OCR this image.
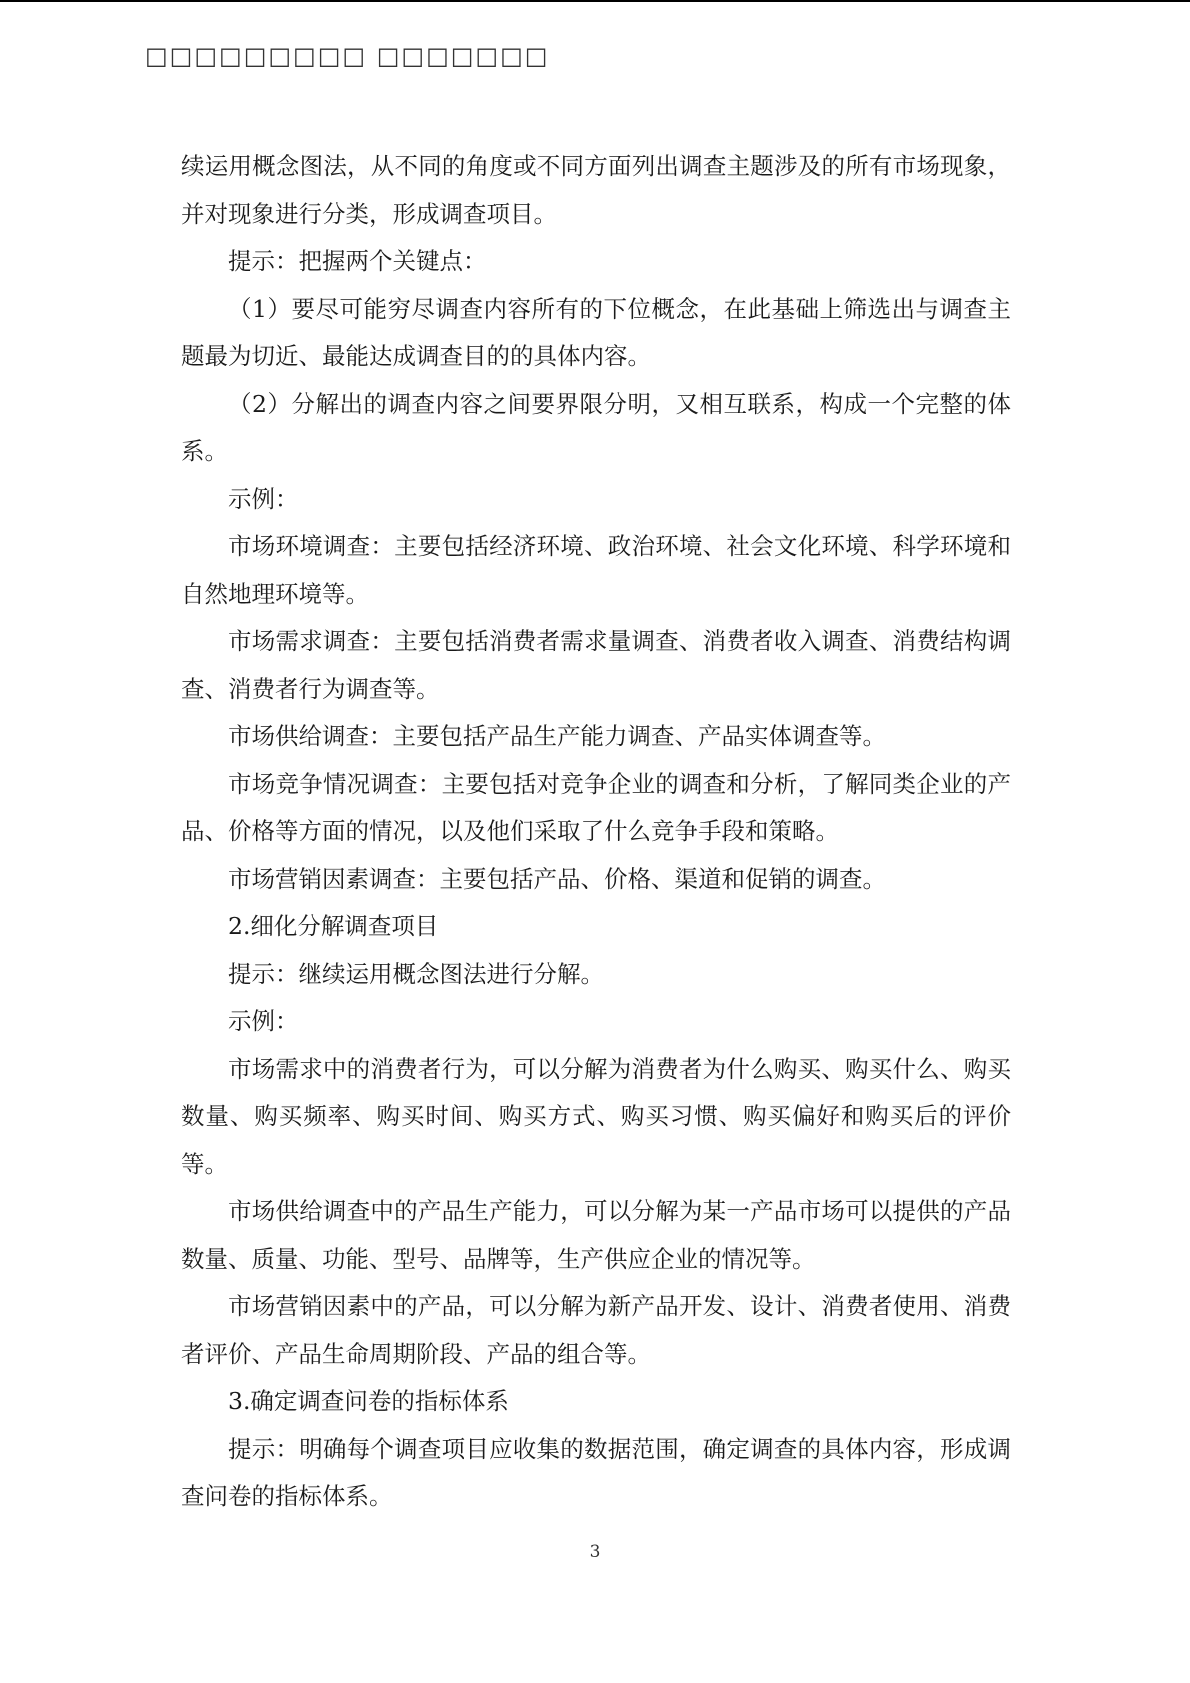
□□□□□□□□□ □□□□□□□

续运用概念图法，从不同的角度或不同方面列出调查主题涉及的所有市场现象，并对现象进行分类，形成调查项目。

提示：把握两个关键点：

（1）要尽可能穷尽调查内容所有的下位概念，在此基础上筛选出与调查主题最为切近、最能达成调查目的的具体内容。

（2）分解出的调查内容之间要界限分明，又相互联系，构成一个完整的体系。

示例：

市场环境调查：主要包括经济环境、政治环境、社会文化环境、科学环境和自然地理环境等。

市场需求调查：主要包括消费者需求量调查、消费者收入调查、消费结构调查、消费者行为调查等。

市场供给调查：主要包括产品生产能力调查、产品实体调查等。

市场竞争情况调查：主要包括对竞争企业的调查和分析，了解同类企业的产品、价格等方面的情况，以及他们采取了什么竞争手段和策略。

市场营销因素调查：主要包括产品、价格、渠道和促销的调查。

2.细化分解调查项目

提示：继续运用概念图法进行分解。

示例：

市场需求中的消费者行为，可以分解为消费者为什么购买、购买什么、购买数量、购买频率、购买时间、购买方式、购买习惯、购买偏好和购买后的评价等。

市场供给调查中的产品生产能力，可以分解为某一产品市场可以提供的产品数量、质量、功能、型号、品牌等，生产供应企业的情况等。

市场营销因素中的产品，可以分解为新产品开发、设计、消费者使用、消费者评价、产品生命周期阶段、产品的组合等。

3.确定调查问卷的指标体系

提示：明确每个调查项目应收集的数据范围，确定调查的具体内容，形成调查问卷的指标体系。

3
